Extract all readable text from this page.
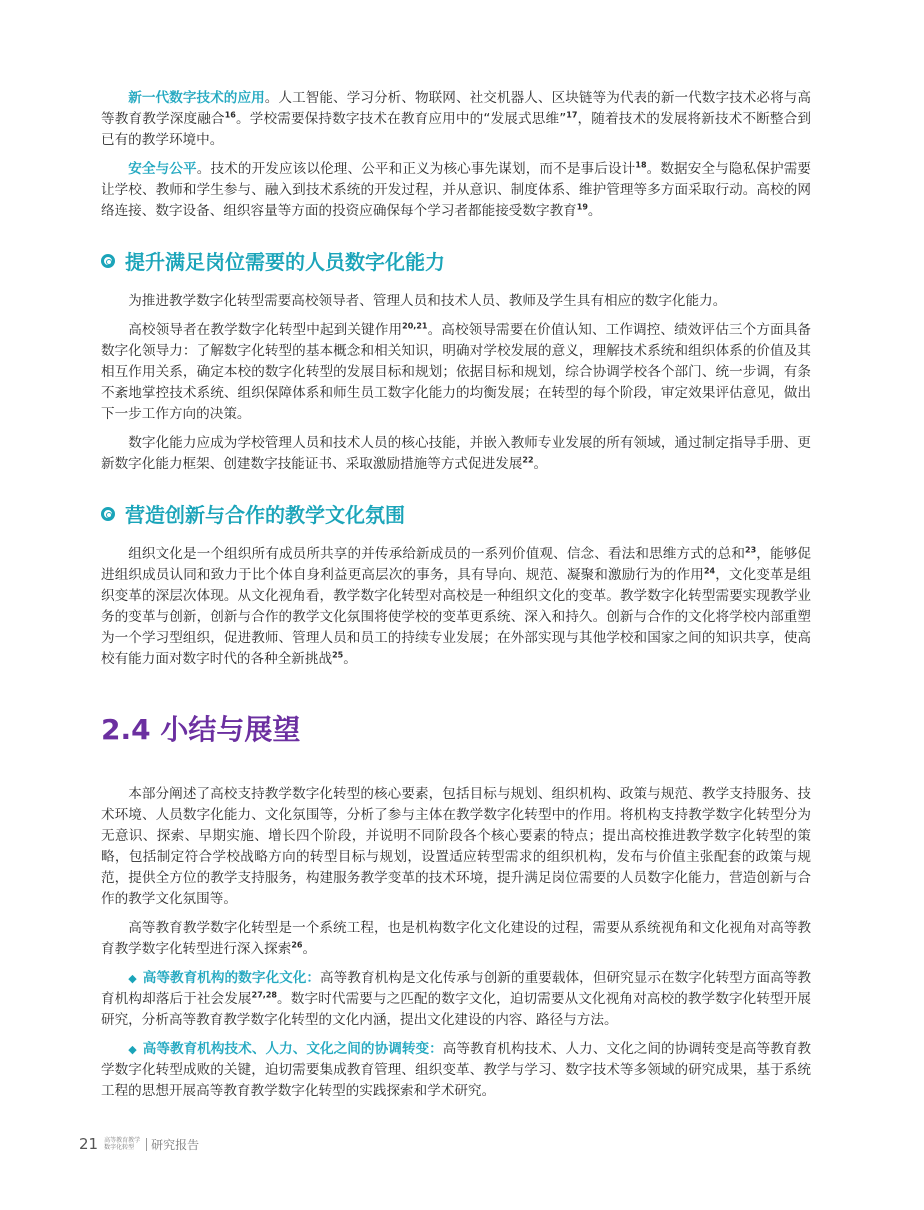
新一代数字技术的应用。人工智能、学习分析、物联网、社交机器人、区块链等为代表的新一代数字技术必将与高等教育教学深度融合$^{16}$。学校需要保持数字技术在教育应用中的“发展式思维”$^{17}$，随着技术的发展将新技术不断整合到已有的教学环境中。

安全与公平。技术的开发应该以伦理、公平和正义为核心事先谋划，而不是事后设计$^{18}$。数据安全与隐私保护需要让学校、教师和学生参与、融入到技术系统的开发过程，并从意识、制度体系、维护管理等多方面采取行动。高校的网络连接、数字设备、组织容量等方面的投资应确保每个学习者都能接受数字教育$^{19}$。

提升满足岗位需要的人员数字化能力

为推进教学数字化转型需要高校领导者、管理人员和技术人员、教师及学生具有相应的数字化能力。

高校领导者在教学数字化转型中起到关键作用$^{20,21}$。高校领导需要在价值认知、工作调控、绩效评估三个方面具备数字化领导力：了解数字化转型的基本概念和相关知识，明确对学校发展的意义，理解技术系统和组织体系的价值及其相互作用关系，确定本校的数字化转型的发展目标和规划；依据目标和规划，综合协调学校各个部门、统一步调，有条不紊地掌控技术系统、组织保障体系和师生员工数字化能力的均衡发展；在转型的每个阶段，审定效果评估意见，做出下一步工作方向的决策。

数字化能力应成为学校管理人员和技术人员的核心技能，并嵌入教师专业发展的所有领域，通过制定指导手册、更新数字化能力框架、创建数字技能证书、采取激励措施等方式促进发展$^{22}$。

营造创新与合作的教学文化氛围

组织文化是一个组织所有成员所共享的并传承给新成员的一系列价值观、信念、看法和思维方式的总和$^{23}$，能够促进组织成员认同和致力于比个体自身利益更高层次的事务，具有导向、规范、凝聚和激励行为的作用$^{24}$，文化变革是组织变革的深层次体现。从文化视角看，教学数字化转型对高校是一种组织文化的变革。教学数字化转型需要实现教学业务的变革与创新，创新与合作的教学文化氛围将使学校的变革更系统、深入和持久。创新与合作的文化将学校内部重塑为一个学习型组织，促进教师、管理人员和员工的持续专业发展；在外部实现与其他学校和国家之间的知识共享，使高校有能力面对数字时代的各种全新挑战$^{25}$。

2.4 小结与展望

本部分阐述了高校支持教学数字化转型的核心要素，包括目标与规划、组织机构、政策与规范、教学支持服务、技术环境、人员数字化能力、文化氛围等，分析了参与主体在教学数字化转型中的作用。将机构支持教学数字化转型分为无意识、探索、早期实施、增长四个阶段，并说明不同阶段各个核心要素的特点；提出高校推进教学数字化转型的策略，包括制定符合学校战略方向的转型目标与规划，设置适应转型需求的组织机构，发布与价值主张配套的政策与规范，提供全方位的教学支持服务，构建服务教学变革的技术环境，提升满足岗位需要的人员数字化能力，营造创新与合作的教学文化氛围等。

高等教育教学数字化转型是一个系统工程，也是机构数字化文化建设的过程，需要从系统视角和文化视角对高等教育教学数字化转型进行深入探索$^{26}$。

◆ 高等教育机构的数字化文化：高等教育机构是文化传承与创新的重要载体，但研究显示在数字化转型方面高等教育机构却落后于社会发展$^{27,28}$。数字时代需要与之匹配的数字文化，迫切需要从文化视角对高校的教学数字化转型开展研究，分析高等教育教学数字化转型的文化内涵，提出文化建设的内容、路径与方法。

◆ 高等教育机构技术、人力、文化之间的协调转变：高等教育机构技术、人力、文化之间的协调转变是高等教育教学数字化转型成败的关键，迫切需要集成教育管理、组织变革、教学与学习、数字技术等多领域的研究成果，基于系统工程的思想开展高等教育教学数字化转型的实践探索和学术研究。

21 高等教育教学
数字化转型	研究报告
